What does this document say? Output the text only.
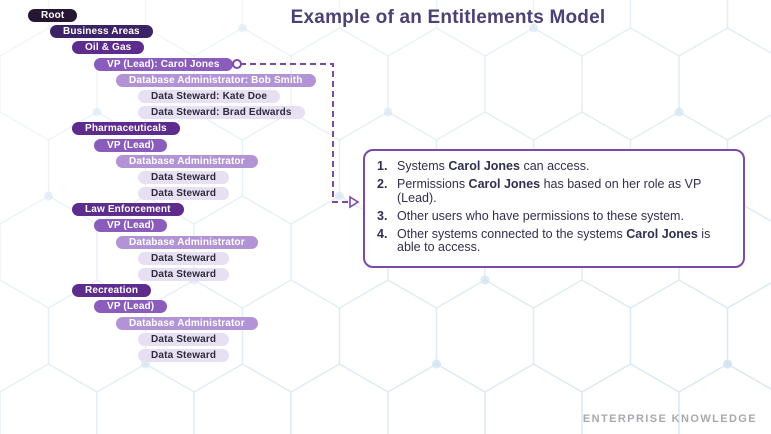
Example of an Entitlements Model
Root
Business Areas
Oil & Gas
VP (Lead): Carol Jones
Database Administrator: Bob Smith
Data Steward: Kate Doe
Data Steward: Brad Edwards
Pharmaceuticals
VP (Lead)
Database Administrator
Data Steward
Data Steward
Law Enforcement
VP (Lead)
Database Administrator
Data Steward
Data Steward
Recreation
VP (Lead)
Database Administrator
Data Steward
Data Steward
1. Systems Carol Jones can access.
2. Permissions Carol Jones has based on her role as VP (Lead).
3. Other users who have permissions to these system.
4. Other systems connected to the systems Carol Jones is able to access.
ENTERPRISE KNOWLEDGE
